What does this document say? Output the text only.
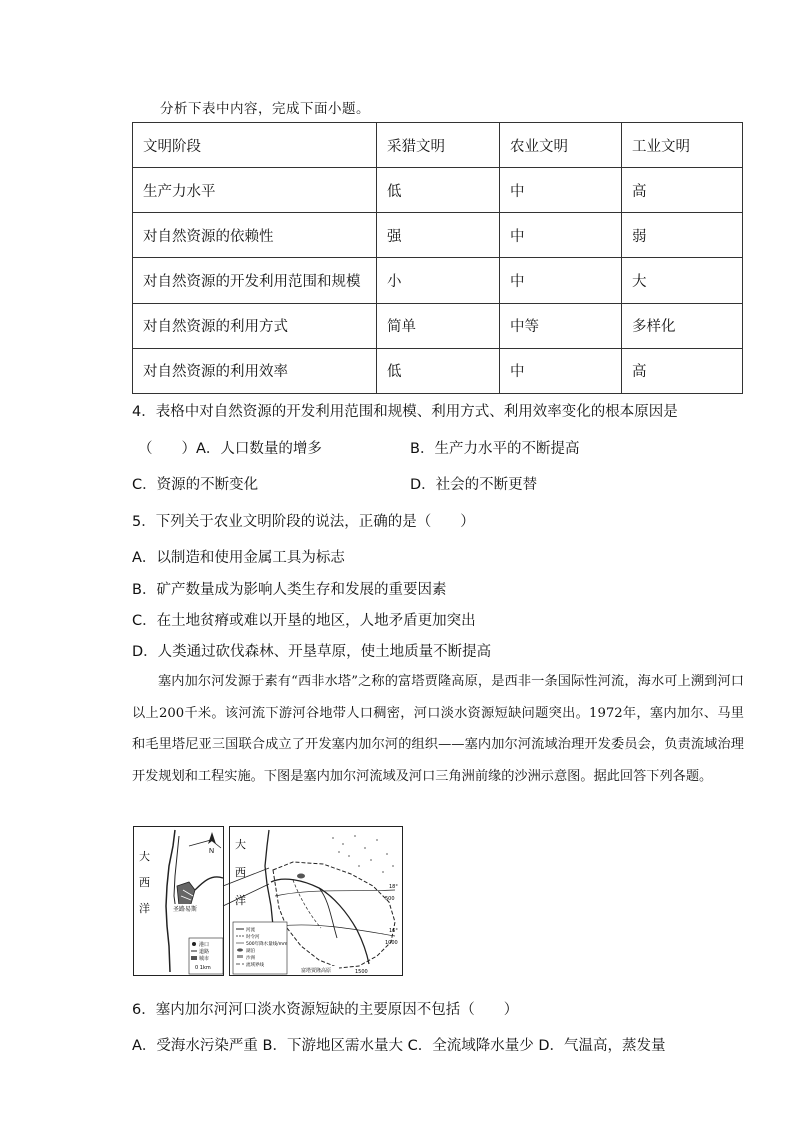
分析下表中内容，完成下面小题。
文明阶段	采猎文明	农业文明	工业文明
生产力水平	低	中	高
对自然资源的依赖性	强	中	弱
对自然资源的开发利用范围和规模	小	中	大
对自然资源的利用方式	简单	中等	多样化
对自然资源的利用效率	低	中	高
4．表格中对自然资源的开发利用范围和规模、利用方式、利用效率变化的根本原因是
（　　）A．人口数量的增多	B．生产力水平的不断提高
C．资源的不断变化	D．社会的不断更替
5．下列关于农业文明阶段的说法，正确的是（　　）
A．以制造和使用金属工具为标志
B．矿产数量成为影响人类生存和发展的重要因素
C．在土地贫瘠或难以开垦的地区，人地矛盾更加突出
D．人类通过砍伐森林、开垦草原，使土地质量不断提高

塞内加尔河发源于素有“西非水塔”之称的富塔贾隆高原，是西非一条国际性河流，海水可上溯到河口以上200千米。该河流下游河谷地带人口稠密，河口淡水资源短缺问题突出。1972年，塞内加尔、马里和毛里塔尼亚三国联合成立了开发塞内加尔河的组织——塞内加尔河流域治理开发委员会，负责流域治理开发规划和工程实施。下图是塞内加尔河流域及河口三角洲前缘的沙洲示意图。据此回答下列各题。

N
大
西
洋	圣路易斯
港口
道路
城市
0 1km
大
西
洋
18°
16°
500
1000
1500
河流
时令河
500年降水量线/mm
湖泊
沙洲
流域界线
富塔贾隆高原
6．塞内加尔河河口淡水资源短缺的主要原因不包括（　　）
A．受海水污染严重 B．下游地区需水量大 C．全流域降水量少 D．气温高，蒸发量
